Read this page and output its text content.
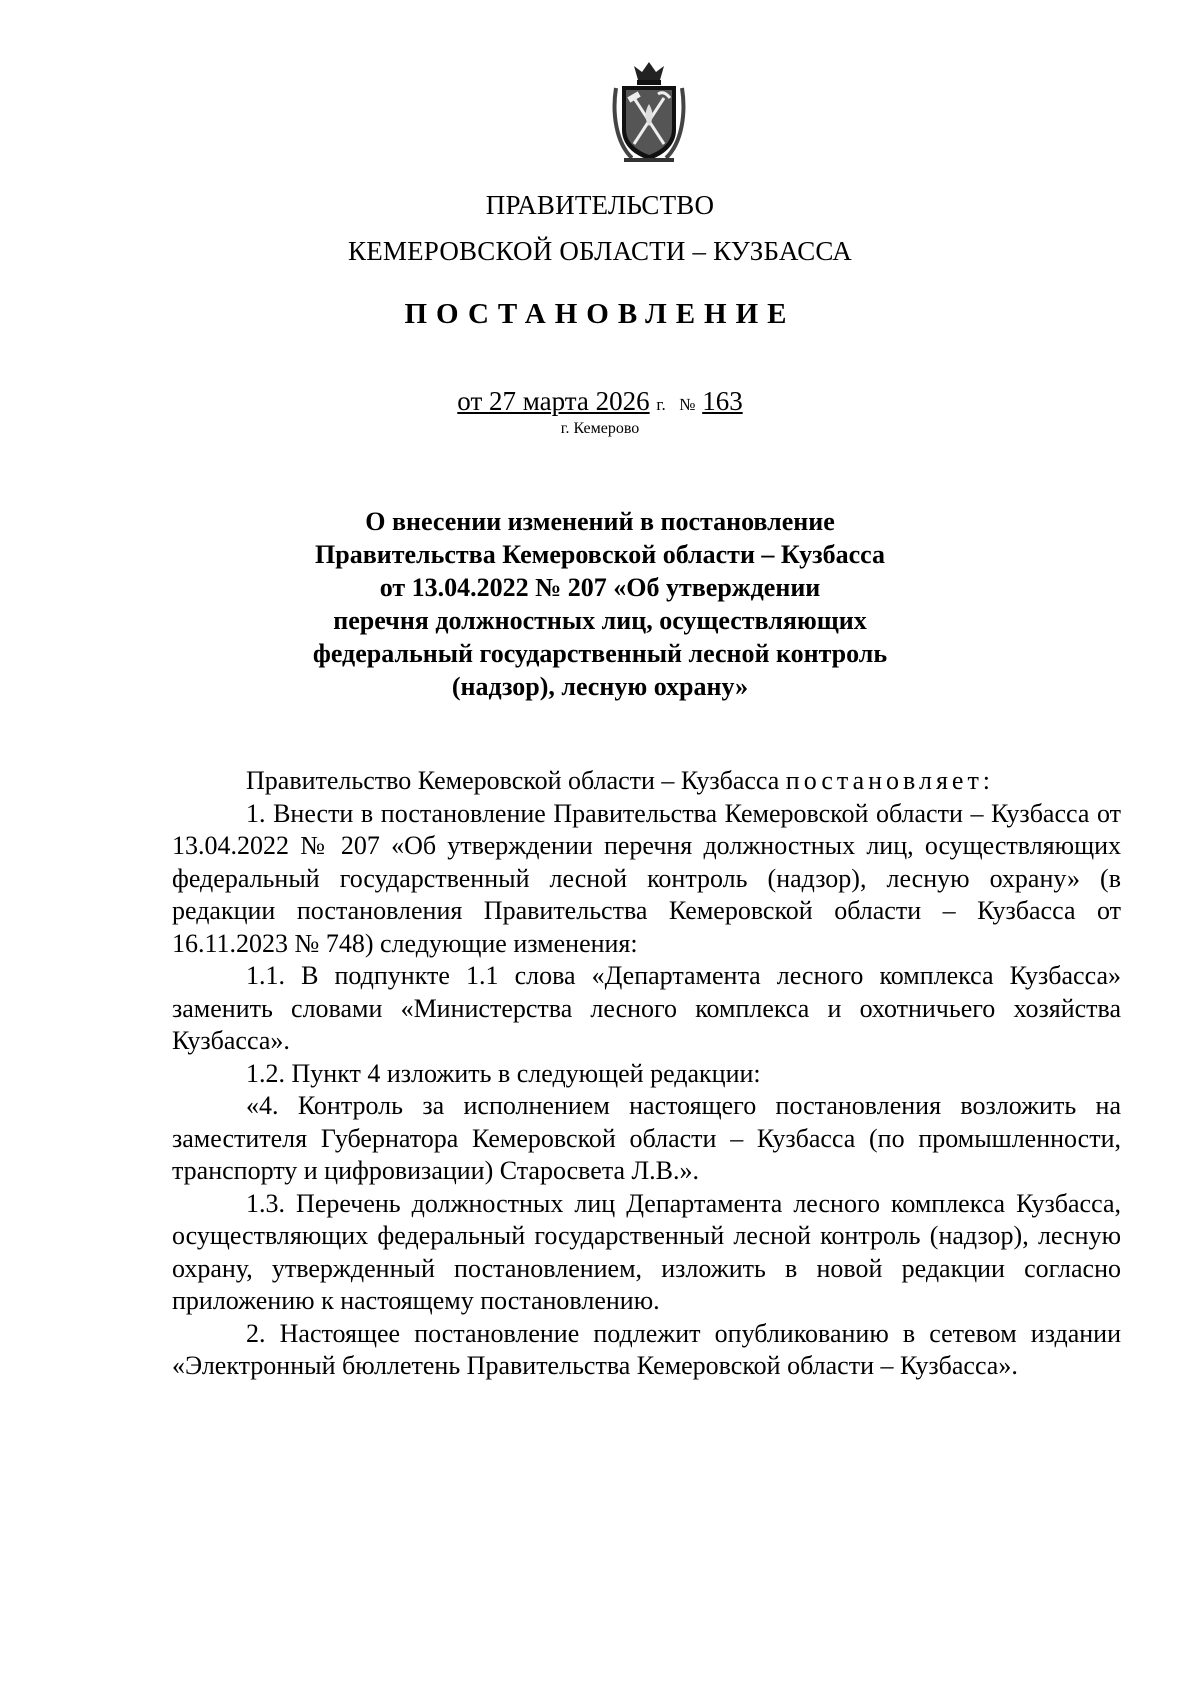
ПРАВИТЕЛЬСТВО
КЕМЕРОВСКОЙ ОБЛАСТИ – КУЗБАССА
ПОСТАНОВЛЕНИЕ
от 27 марта 2026 г. № 163
г. Кемерово
О внесении изменений в постановление
Правительства Кемеровской области – Кузбасса
от 13.04.2022 № 207 «Об утверждении
перечня должностных лиц, осуществляющих
федеральный государственный лесной контроль
(надзор), лесную охрану»

Правительство Кемеровской области – Кузбасса постановляет:

1. Внести в постановление Правительства Кемеровской области – Кузбасса от 13.04.2022 № 207 «Об утверждении перечня должностных лиц, осуществляющих федеральный государственный лесной контроль (надзор), лесную охрану» (в редакции постановления Правительства Кемеровской области – Кузбасса от 16.11.2023 № 748) следующие изменения:

1.1. В подпункте 1.1 слова «Департамента лесного комплекса Кузбасса» заменить словами «Министерства лесного комплекса и охотничьего хозяйства Кузбасса».

1.2. Пункт 4 изложить в следующей редакции:

«4. Контроль за исполнением настоящего постановления возложить на заместителя Губернатора Кемеровской области – Кузбасса (по промышленности, транспорту и цифровизации) Старосвета Л.В.».

1.3. Перечень должностных лиц Департамента лесного комплекса Кузбасса, осуществляющих федеральный государственный лесной контроль (надзор), лесную охрану, утвержденный постановлением, изложить в новой редакции согласно приложению к настоящему постановлению.

2. Настоящее постановление подлежит опубликованию в сетевом издании «Электронный бюллетень Правительства Кемеровской области – Кузбасса».
